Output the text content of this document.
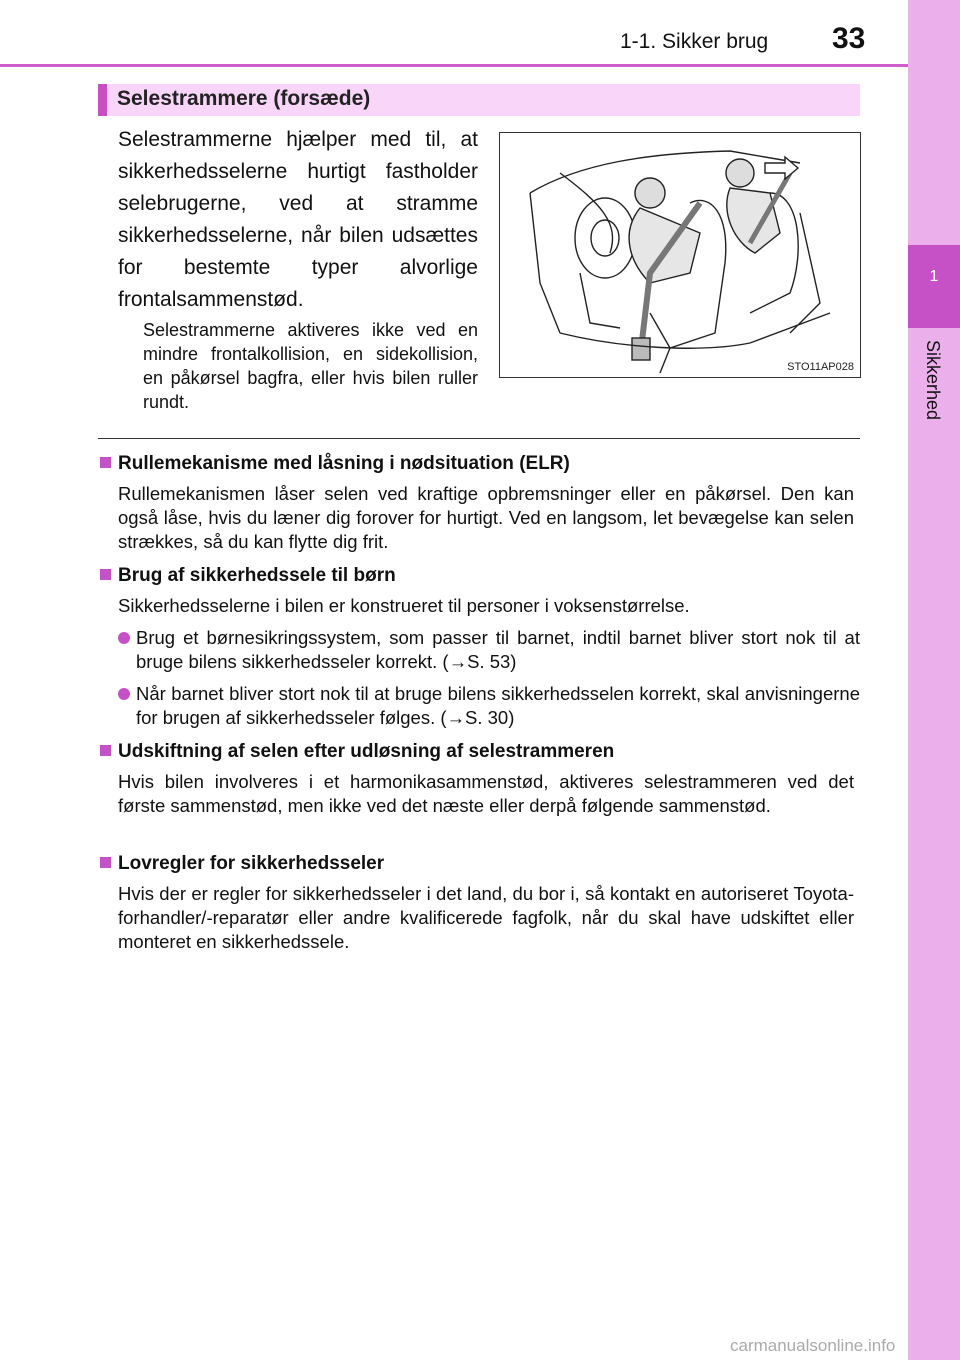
1-1. Sikker brug 33
1
Sikkerhed
Selestrammere (forsæde)
Selestrammerne hjælper med til, at sikkerhedsselerne hurtigt fastholder selebrugerne, ved at stramme sikkerhedsselerne, når bilen udsættes for bestemte typer alvorlige frontalsammenstød.
Selestrammerne aktiveres ikke ved en mindre frontalkollision, en sidekollision, en påkørsel bagfra, eller hvis bilen ruller rundt.
STO11AP028
Rullemekanisme med låsning i nødsituation (ELR)
Rullemekanismen låser selen ved kraftige opbremsninger eller en påkørsel. Den kan også låse, hvis du læner dig forover for hurtigt. Ved en langsom, let bevægelse kan selen strækkes, så du kan flytte dig frit.
Brug af sikkerhedssele til børn
Sikkerhedsselerne i bilen er konstrueret til personer i voksenstørrelse.
Brug et børnesikringssystem, som passer til barnet, indtil barnet bliver stort nok til at bruge bilens sikkerhedsseler korrekt. (→S. 53)
Når barnet bliver stort nok til at bruge bilens sikkerhedsselen korrekt, skal anvisningerne for brugen af sikkerhedsseler følges. (→S. 30)
Udskiftning af selen efter udløsning af selestrammeren
Hvis bilen involveres i et harmonikasammenstød, aktiveres selestrammeren ved det første sammenstød, men ikke ved det næste eller derpå følgende sammenstød.
Lovregler for sikkerhedsseler
Hvis der er regler for sikkerhedsseler i det land, du bor i, så kontakt en autoriseret Toyota-forhandler/-reparatør eller andre kvalificerede fagfolk, når du skal have udskiftet eller monteret en sikkerhedssele.
carmanualsonline.info
